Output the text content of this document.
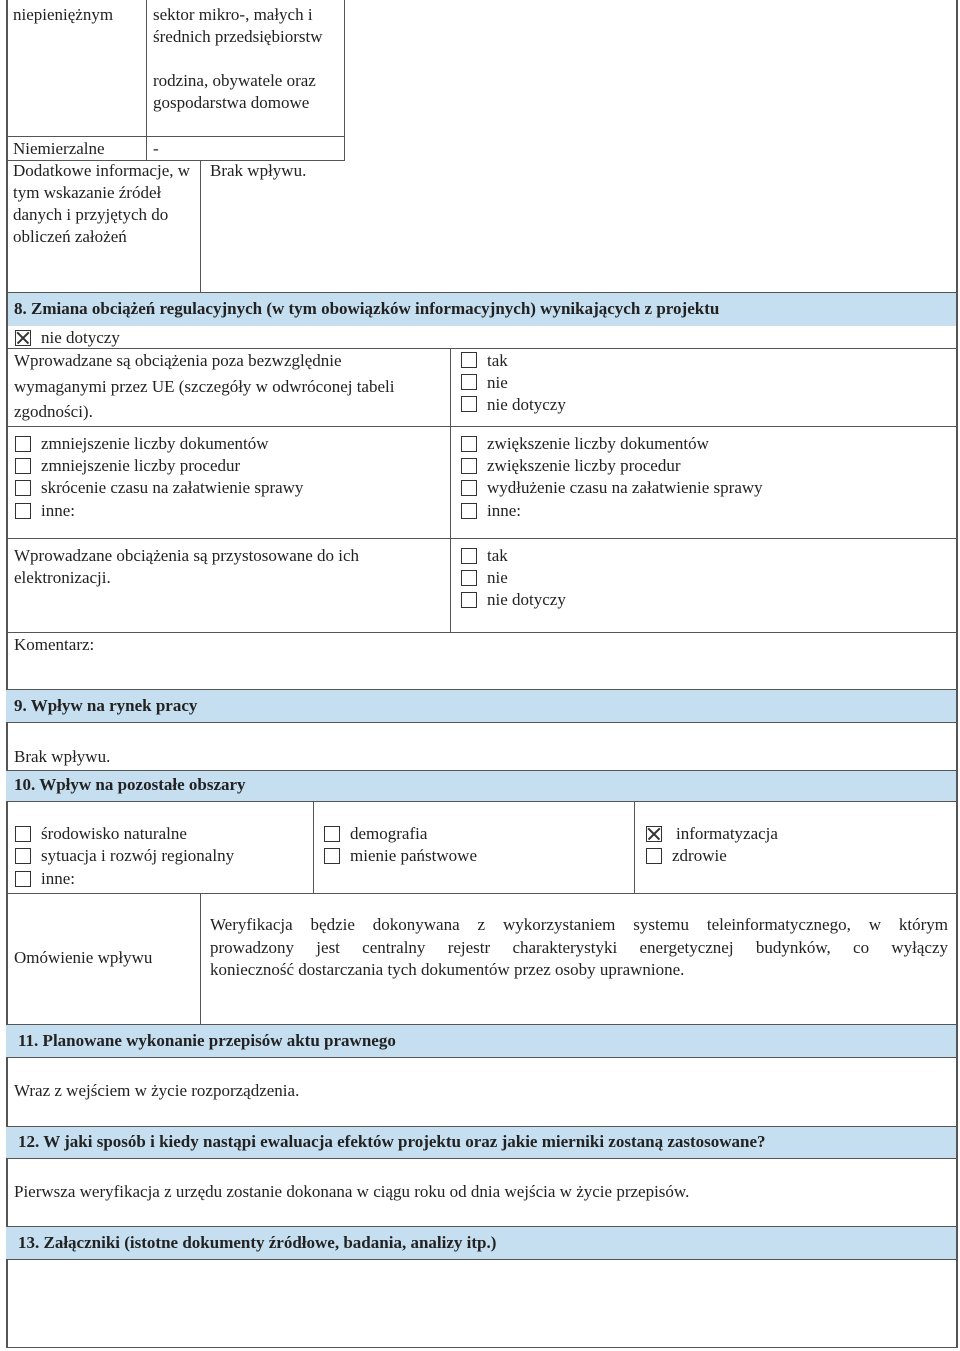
niepieniężnym sektor mikro-, małych i średnich przedsiębiorstw
rodzina, obywatele oraz gospodarstwa domowe
Niemierzalne	-
Dodatkowe informacje, w tym wskazanie źródeł danych i przyjętych do obliczeń założeń
Brak wpływu.
8. Zmiana obciążeń regulacyjnych (w tym obowiązków informacyjnych) wynikających z projektu
nie dotyczy
Wprowadzane są obciążenia poza bezwzględnie
wymaganymi przez UE (szczegóły w odwróconej tabeli
zgodności).
tak
nie
nie dotyczy
zmniejszenie liczby dokumentów
zmniejszenie liczby procedur
skrócenie czasu na załatwienie sprawy
inne:
zwiększenie liczby dokumentów
zwiększenie liczby procedur
wydłużenie czasu na załatwienie sprawy
inne:
Wprowadzane obciążenia są przystosowane do ich
elektronizacji.
tak
nie
nie dotyczy
Komentarz:
9. Wpływ na rynek pracy
Brak wpływu.
10. Wpływ na pozostałe obszary
środowisko naturalne
sytuacja i rozwój regionalny
inne:
demografia
mienie państwowe
informatyzacja
zdrowie
Omówienie wpływu
Weryfikacja będzie dokonywana z wykorzystaniem systemu teleinformatycznego, w którym
prowadzony jest centralny rejestr charakterystyki energetycznej budynków, co wyłączy
konieczność dostarczania tych dokumentów przez osoby uprawnione.
11. Planowane wykonanie przepisów aktu prawnego
Wraz z wejściem w życie rozporządzenia.
12. W jaki sposób i kiedy nastąpi ewaluacja efektów projektu oraz jakie mierniki zostaną zastosowane?
Pierwsza weryfikacja z urzędu zostanie dokonana w ciągu roku od dnia wejścia w życie przepisów.
13. Załączniki (istotne dokumenty źródłowe, badania, analizy itp.)
